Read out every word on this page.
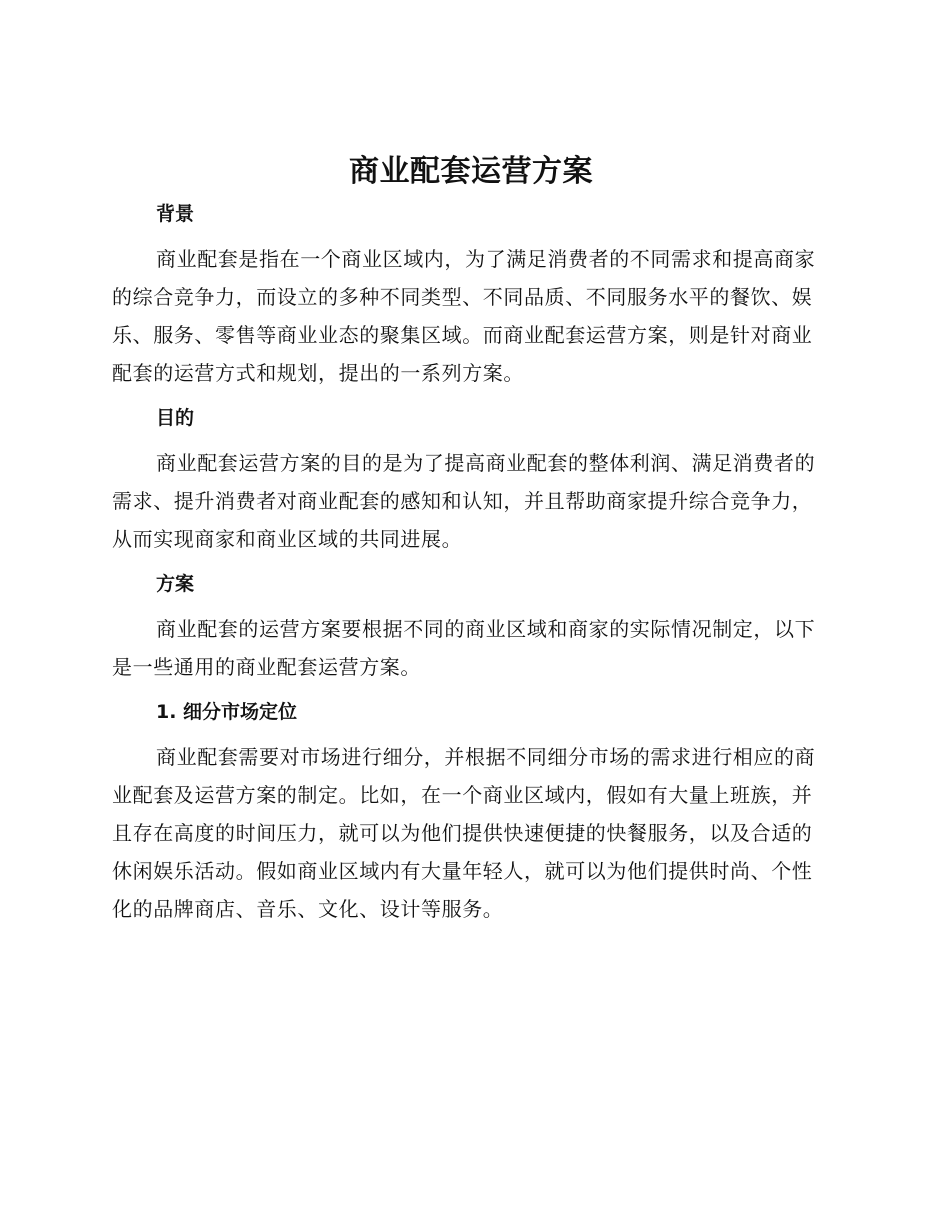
商业配套运营方案
背景

商业配套是指在一个商业区域内，为了满足消费者的不同需求和提高商家的综合竞争力，而设立的多种不同类型、不同品质、不同服务水平的餐饮、娱乐、服务、零售等商业业态的聚集区域。而商业配套运营方案，则是针对商业配套的运营方式和规划，提出的一系列方案。

目的

商业配套运营方案的目的是为了提高商业配套的整体利润、满足消费者的需求、提升消费者对商业配套的感知和认知，并且帮助商家提升综合竞争力，从而实现商家和商业区域的共同进展。

方案

商业配套的运营方案要根据不同的商业区域和商家的实际情况制定，以下是一些通用的商业配套运营方案。

1. 细分市场定位

商业配套需要对市场进行细分，并根据不同细分市场的需求进行相应的商业配套及运营方案的制定。比如，在一个商业区域内，假如有大量上班族，并且存在高度的时间压力，就可以为他们提供快速便捷的快餐服务，以及合适的休闲娱乐活动。假如商业区域内有大量年轻人，就可以为他们提供时尚、个性化的品牌商店、音乐、文化、设计等服务。
